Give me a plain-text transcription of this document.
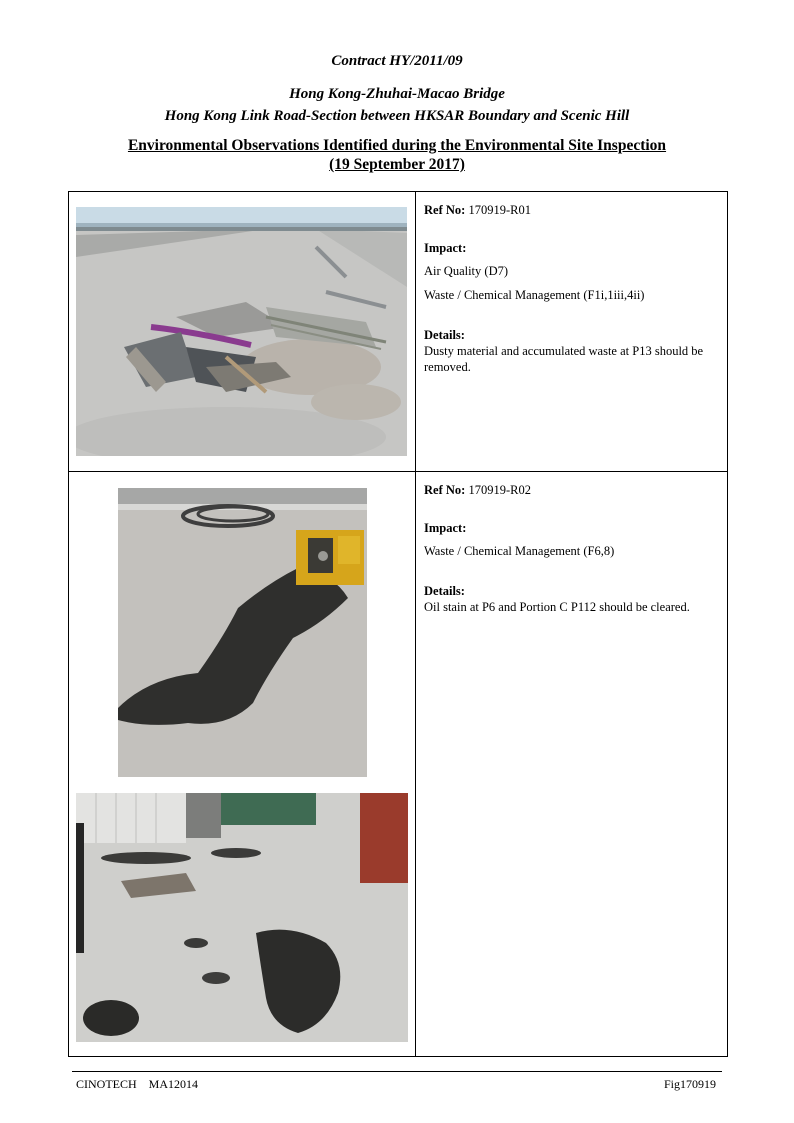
Contract HY/2011/09
Hong Kong-Zhuhai-Macao Bridge
Hong Kong Link Road-Section between HKSAR Boundary and Scenic Hill
Environmental Observations Identified during the Environmental Site Inspection
(19 September 2017)

Ref No: 170919-R01

Impact:

Air Quality (D7)

Waste / Chemical Management (F1i,1iii,4ii)

Details:

Dusty material and accumulated waste at P13 should be removed.

Ref No: 170919-R02

Impact:

Waste / Chemical Management (F6,8)

Details:

Oil stain at P6 and Portion C P112 should be cleared.

CINOTECH    MA12014	Fig170919
